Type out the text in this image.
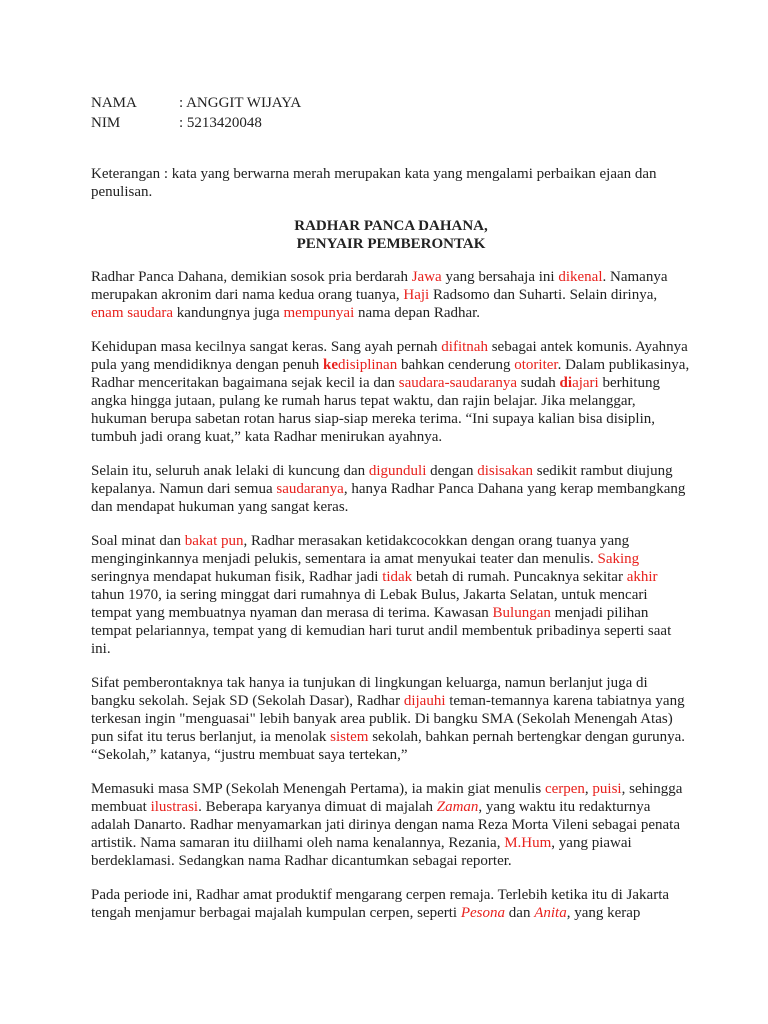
NAMA	: ANGGIT WIJAYA
NIM	: 5213420048

Keterangan : kata yang berwarna merah merupakan kata yang mengalami perbaikan ejaan dan penulisan.

RADHAR PANCA DAHANA,
PENYAIR PEMBERONTAK

Radhar Panca Dahana, demikian sosok pria berdarah Jawa yang bersahaja ini dikenal. Namanya merupakan akronim dari nama kedua orang tuanya, Haji Radsomo dan Suharti. Selain dirinya, enam saudara kandungnya juga mempunyai nama depan Radhar.

Kehidupan masa kecilnya sangat keras. Sang ayah pernah difitnah sebagai antek komunis. Ayahnya pula yang mendidiknya dengan penuh kedisiplinan bahkan cenderung otoriter. Dalam publikasinya, Radhar menceritakan bagaimana sejak kecil ia dan saudara-saudaranya sudah diajari berhitung angka hingga jutaan, pulang ke rumah harus tepat waktu, dan rajin belajar. Jika melanggar, hukuman berupa sabetan rotan harus siap-siap mereka terima. “Ini supaya kalian bisa disiplin, tumbuh jadi orang kuat,” kata Radhar menirukan ayahnya.

Selain itu, seluruh anak lelaki di kuncung dan digunduli dengan disisakan sedikit rambut diujung kepalanya. Namun dari semua saudaranya, hanya Radhar Panca Dahana yang kerap membangkang dan mendapat hukuman yang sangat keras.

Soal minat dan bakat pun, Radhar merasakan ketidakcocokkan dengan orang tuanya yang menginginkannya menjadi pelukis, sementara ia amat menyukai teater dan menulis. Saking seringnya mendapat hukuman fisik, Radhar jadi tidak betah di rumah. Puncaknya sekitar akhir tahun 1970, ia sering minggat dari rumahnya di Lebak Bulus, Jakarta Selatan, untuk mencari tempat yang membuatnya nyaman dan merasa di terima. Kawasan Bulungan menjadi pilihan tempat pelariannya, tempat yang di kemudian hari turut andil membentuk pribadinya seperti saat ini.

Sifat pemberontaknya tak hanya ia tunjukan di lingkungan keluarga, namun berlanjut juga di bangku sekolah. Sejak SD (Sekolah Dasar), Radhar dijauhi teman-temannya karena tabiatnya yang terkesan ingin "menguasai" lebih banyak area publik. Di bangku SMA (Sekolah Menengah Atas) pun sifat itu terus berlanjut, ia menolak sistem sekolah, bahkan pernah bertengkar dengan gurunya. “Sekolah,” katanya, “justru membuat saya tertekan,”

Memasuki masa SMP (Sekolah Menengah Pertama), ia makin giat menulis cerpen, puisi, sehingga membuat ilustrasi. Beberapa karyanya dimuat di majalah Zaman, yang waktu itu redakturnya adalah Danarto. Radhar menyamarkan jati dirinya dengan nama Reza Morta Vileni sebagai penata artistik. Nama samaran itu diilhami oleh nama kenalannya, Rezania, M.Hum, yang piawai berdeklamasi. Sedangkan nama Radhar dicantumkan sebagai reporter.

Pada periode ini, Radhar amat produktif mengarang cerpen remaja. Terlebih ketika itu di Jakarta tengah menjamur berbagai majalah kumpulan cerpen, seperti Pesona dan Anita, yang kerap
